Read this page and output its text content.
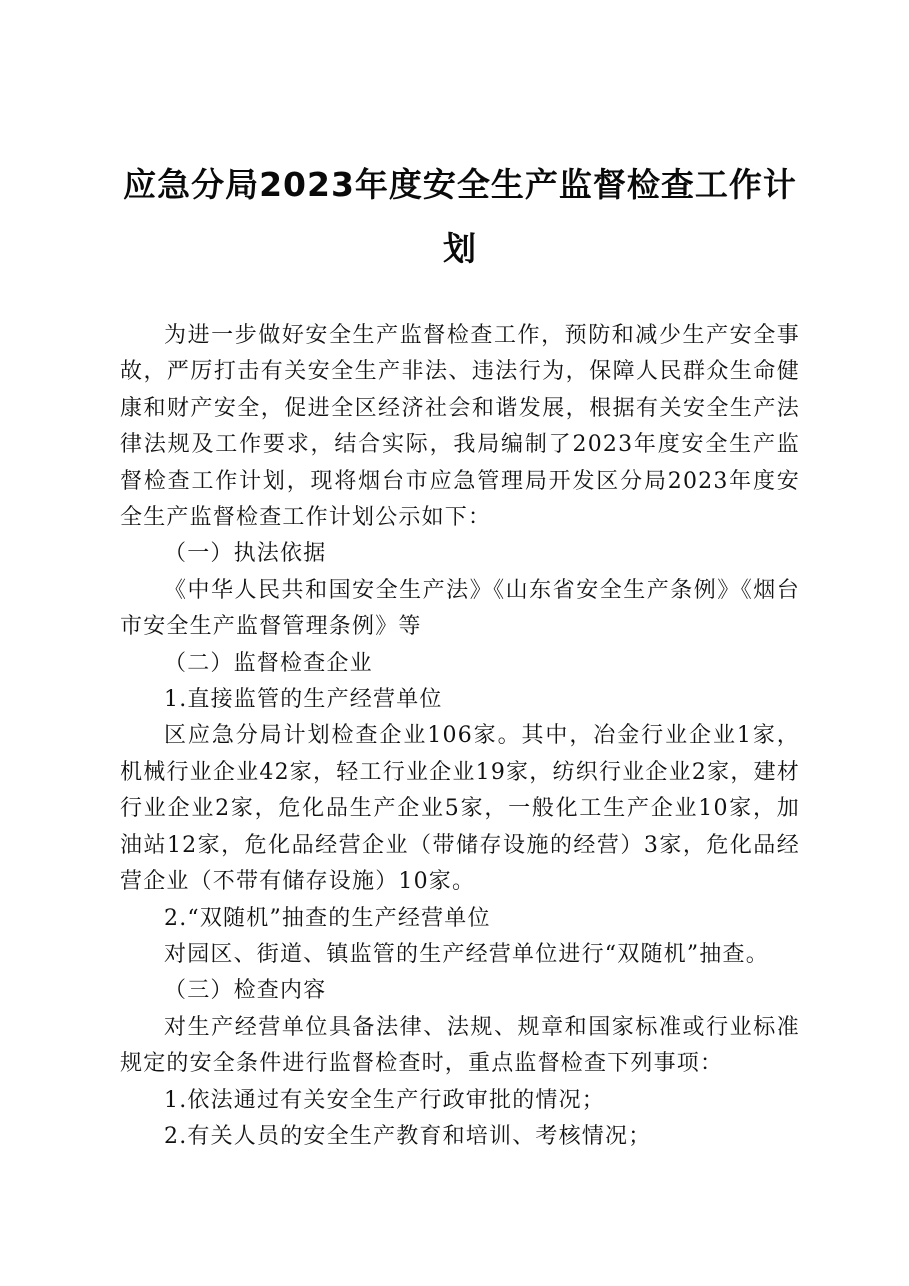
应急分局2023年度安全生产监督检查工作计
划

为进一步做好安全生产监督检查工作，预防和减少生产安全事故，严厉打击有关安全生产非法、违法行为，保障人民群众生命健康和财产安全，促进全区经济社会和谐发展，根据有关安全生产法律法规及工作要求，结合实际，我局编制了2023年度安全生产监督检查工作计划，现将烟台市应急管理局开发区分局2023年度安全生产监督检查工作计划公示如下：

（一）执法依据

《中华人民共和国安全生产法》《山东省安全生产条例》《烟台市安全生产监督管理条例》等

（二）监督检查企业

1.直接监管的生产经营单位

区应急分局计划检查企业106家。其中，冶金行业企业1家，机械行业企业42家，轻工行业企业19家，纺织行业企业2家，建材行业企业2家，危化品生产企业5家，一般化工生产企业10家，加油站12家，危化品经营企业（带储存设施的经营）3家，危化品经营企业（不带有储存设施）10家。

2.“双随机”抽查的生产经营单位

对园区、街道、镇监管的生产经营单位进行“双随机”抽查。

（三）检查内容

对生产经营单位具备法律、法规、规章和国家标准或行业标准规定的安全条件进行监督检查时，重点监督检查下列事项：

1.依法通过有关安全生产行政审批的情况；

2.有关人员的安全生产教育和培训、考核情况；
